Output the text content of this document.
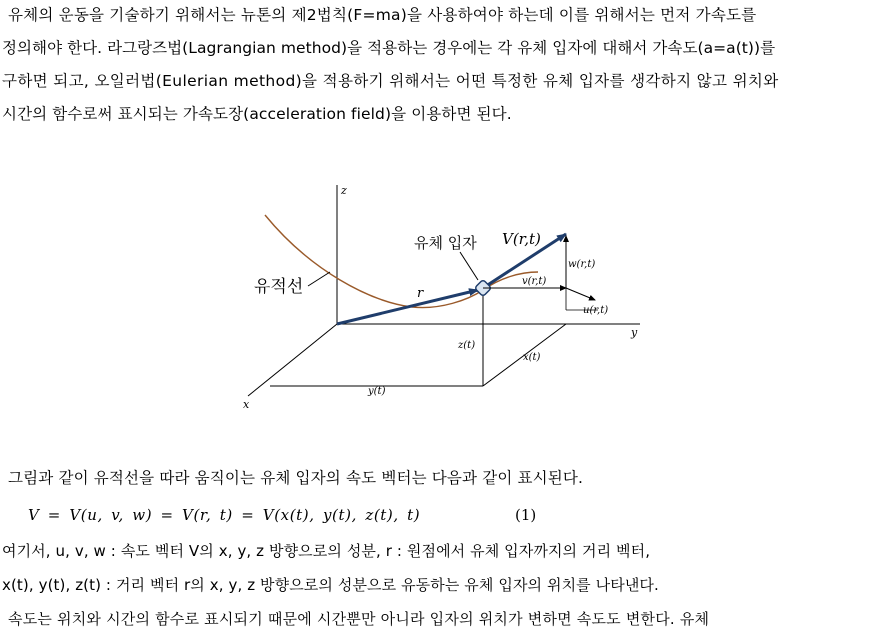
유체의 운동을 기술하기 위해서는 뉴톤의 제2법칙(F=ma)을 사용하여야 하는데 이를 위해서는 먼저 가속도를
정의해야 한다. 라그랑즈법(Lagrangian method)을 적용하는 경우에는 각 유체 입자에 대해서 가속도(a=a(t))를
구하면 되고, 오일러법(Eulerian method)을 적용하기 위해서는 어떤 특정한 유체 입자를 생각하지 않고 위치와
시간의 함수로써 표시되는 가속도장(acceleration field)을 이용하면 된다.
z
y
x
유체 입자
유적선
V(r,t)
r
w(r,t)
v(r,t)
u(r,t)
z(t)
x(t)
y(t)
그림과 같이 유적선을 따라 움직이는 유체 입자의 속도 벡터는 다음과 같이 표시된다.
V = V(u, v, w) = V(r, t) = V(x(t), y(t), z(t), t)	(1)
여기서, u, v, w : 속도 벡터 V의 x, y, z 방향으로의 성분, r : 원점에서 유체 입자까지의 거리 벡터,
x(t), y(t), z(t) : 거리 벡터 r의 x, y, z 방향으로의 성분으로 유동하는 유체 입자의 위치를 나타낸다.
속도는 위치와 시간의 함수로 표시되기 때문에 시간뿐만 아니라 입자의 위치가 변하면 속도도 변한다. 유체
